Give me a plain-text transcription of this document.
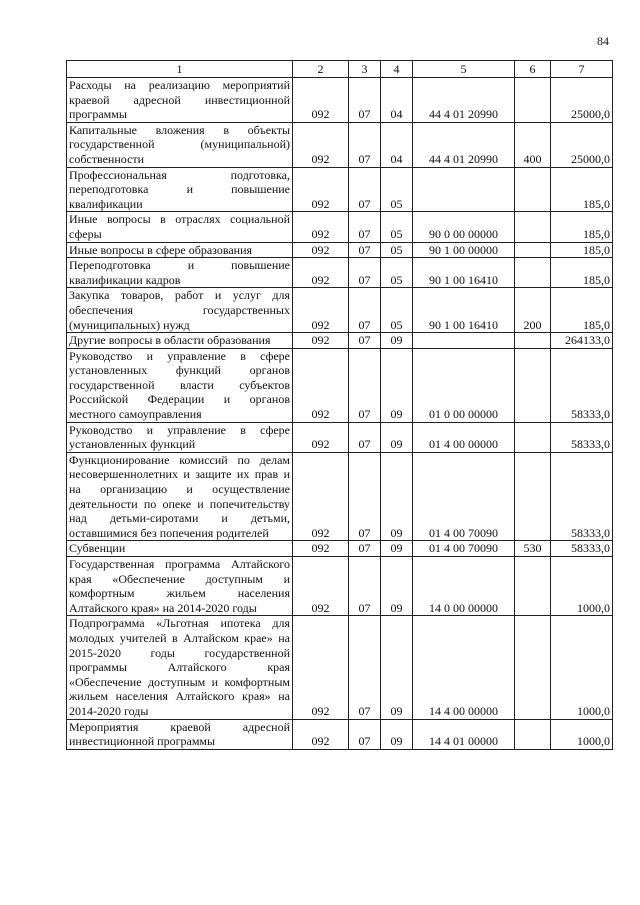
84
1	2	3	4	5	6	7
Расходы на реализацию мероприятий краевой адресной инвестиционной программы	092	07	04	44 4 01 20990		25000,0
Капитальные вложения в объекты государственной (муниципальной) собственности	092	07	04	44 4 01 20990	400	25000,0
Профессиональная подготовка, переподготовка и повышение квалификации	092	07	05			185,0
Иные вопросы в отраслях социальной сферы	092	07	05	90 0 00 00000		185,0
Иные вопросы в сфере образования	092	07	05	90 1 00 00000		185,0
Переподготовка и повышение квалификации кадров	092	07	05	90 1 00 16410		185,0
Закупка товаров, работ и услуг для обеспечения государственных (муниципальных) нужд	092	07	05	90 1 00 16410	200	185,0
Другие вопросы в области образования	092	07	09			264133,0
Руководство и управление в сфере установленных функций органов государственной власти субъектов Российской Федерации и органов местного самоуправления	092	07	09	01 0 00 00000		58333,0
Руководство и управление в сфере установленных функций	092	07	09	01 4 00 00000		58333,0
Функционирование комиссий по делам несовершеннолетних и защите их прав и на организацию и осуществление деятельности по опеке и попечительству над детьми-сиротами и детьми, оставшимися без попечения родителей	092	07	09	01 4 00 70090		58333,0
Субвенции	092	07	09	01 4 00 70090	530	58333,0
Государственная программа Алтайского края «Обеспечение доступным и комфортным жильем населения Алтайского края» на 2014-2020 годы	092	07	09	14 0 00 00000		1000,0
Подпрограмма «Льготная ипотека для молодых учителей в Алтайском крае» на 2015-2020 годы государственной программы Алтайского края «Обеспечение доступным и комфортным жильем населения Алтайского края» на 2014-2020 годы	092	07	09	14 4 00 00000		1000,0
Мероприятия краевой адресной инвестиционной программы	092	07	09	14 4 01 00000		1000,0
